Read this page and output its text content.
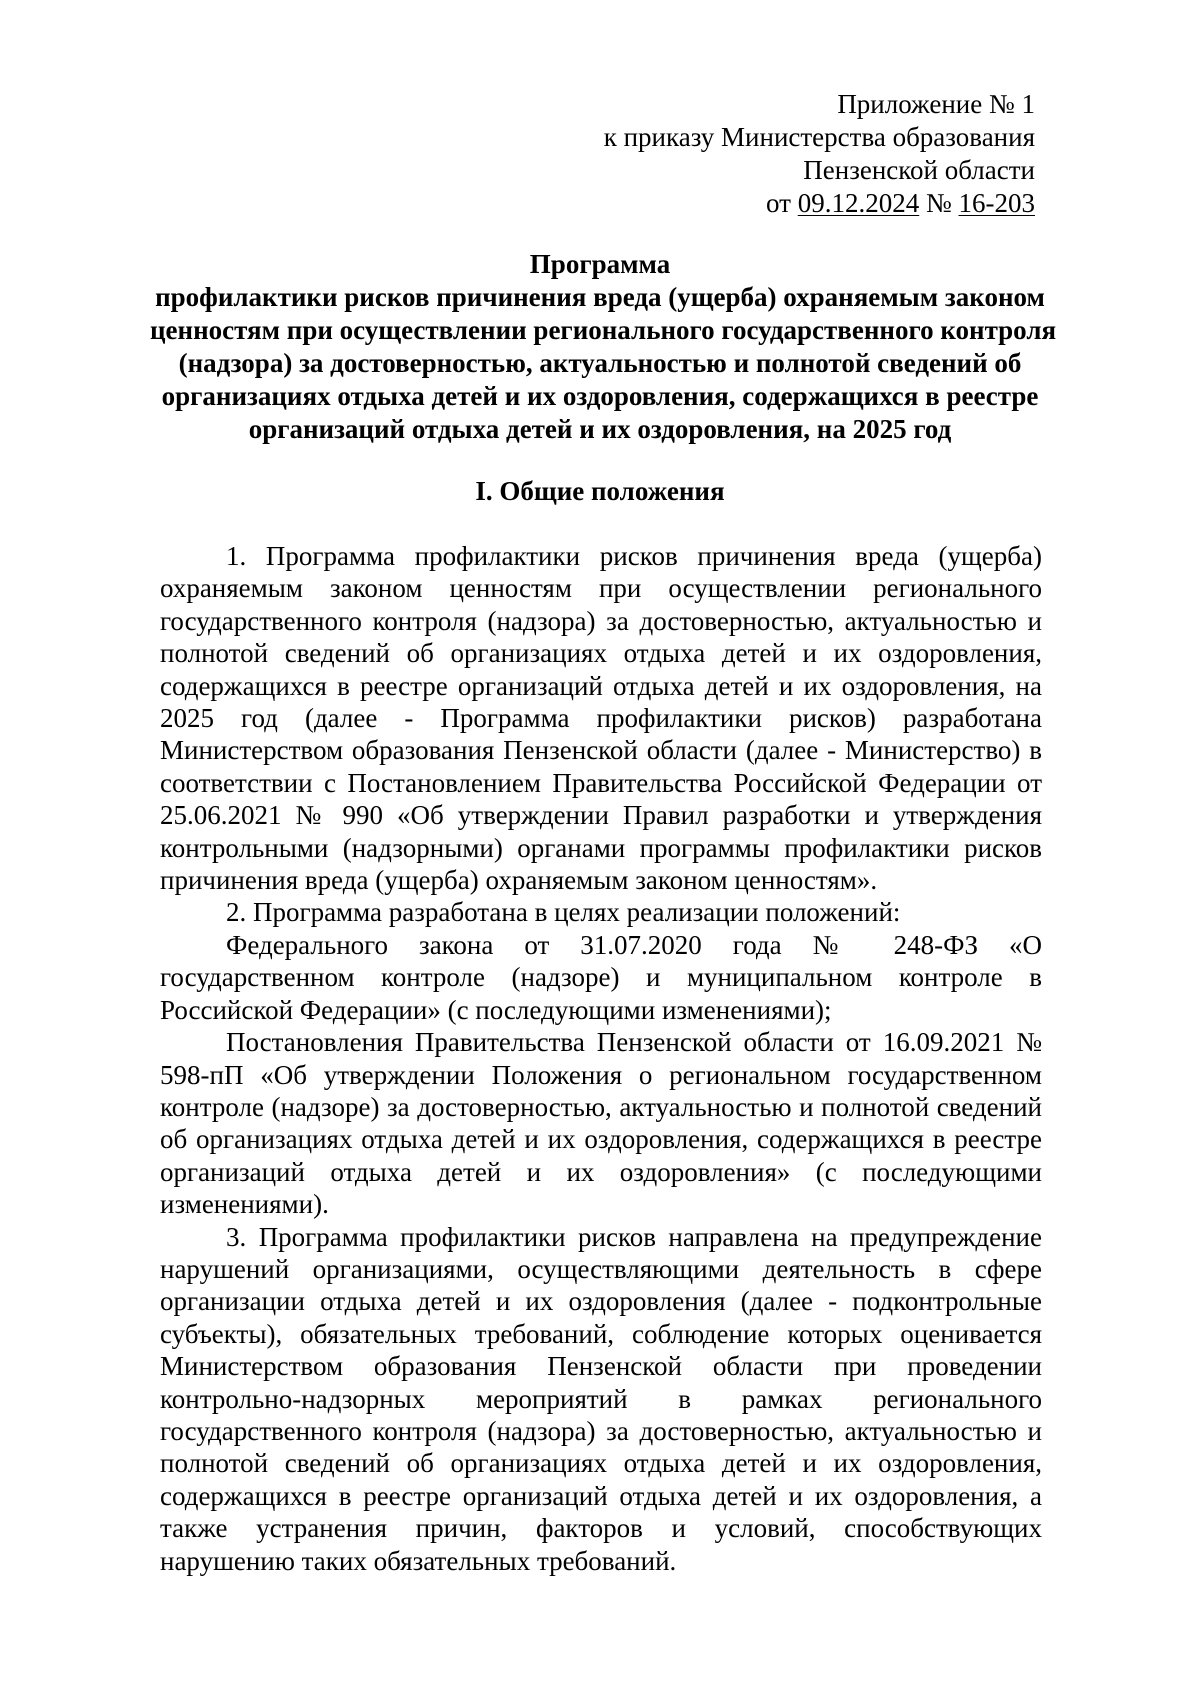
Приложение № 1
к приказу Министерства образования
Пензенской области
от 09.12.2024 № 16-203
Программа
профилактики рисков причинения вреда (ущерба) охраняемым законом
ценностям при осуществлении регионального государственного контроля
(надзора) за достоверностью, актуальностью и полнотой сведений об
организациях отдыха детей и их оздоровления, содержащихся в реестре
организаций отдыха детей и их оздоровления, на 2025 год
I. Общие положения

1. Программа профилактики рисков причинения вреда (ущерба) охраняемым законом ценностям при осуществлении регионального государственного контроля (надзора) за достоверностью, актуальностью и полнотой сведений об организациях отдыха детей и их оздоровления, содержащихся в реестре организаций отдыха детей и их оздоровления, на 2025 год (далее - Программа профилактики рисков) разработана Министерством образования Пензенской области (далее - Министерство) в соответствии с Постановлением Правительства Российской Федерации от 25.06.2021 № 990 «Об утверждении Правил разработки и утверждения контрольными (надзорными) органами программы профилактики рисков причинения вреда (ущерба) охраняемым законом ценностям».

2. Программа разработана в целях реализации положений:

Федерального закона от 31.07.2020 года № 248-ФЗ «О государственном контроле (надзоре) и муниципальном контроле в Российской Федерации» (с последующими изменениями);

Постановления Правительства Пензенской области от 16.09.2021 № 598-пП «Об утверждении Положения о региональном государственном контроле (надзоре) за достоверностью, актуальностью и полнотой сведений об организациях отдыха детей и их оздоровления, содержащихся в реестре организаций отдыха детей и их оздоровления» (с последующими изменениями).

3. Программа профилактики рисков направлена на предупреждение нарушений организациями, осуществляющими деятельность в сфере организации отдыха детей и их оздоровления (далее - подконтрольные субъекты), обязательных требований, соблюдение которых оценивается Министерством образования Пензенской области при проведении контрольно-надзорных мероприятий в рамках регионального государственного контроля (надзора) за достоверностью, актуальностью и полнотой сведений об организациях отдыха детей и их оздоровления, содержащихся в реестре организаций отдыха детей и их оздоровления, а также устранения причин, факторов и условий, способствующих нарушению таких обязательных требований.
